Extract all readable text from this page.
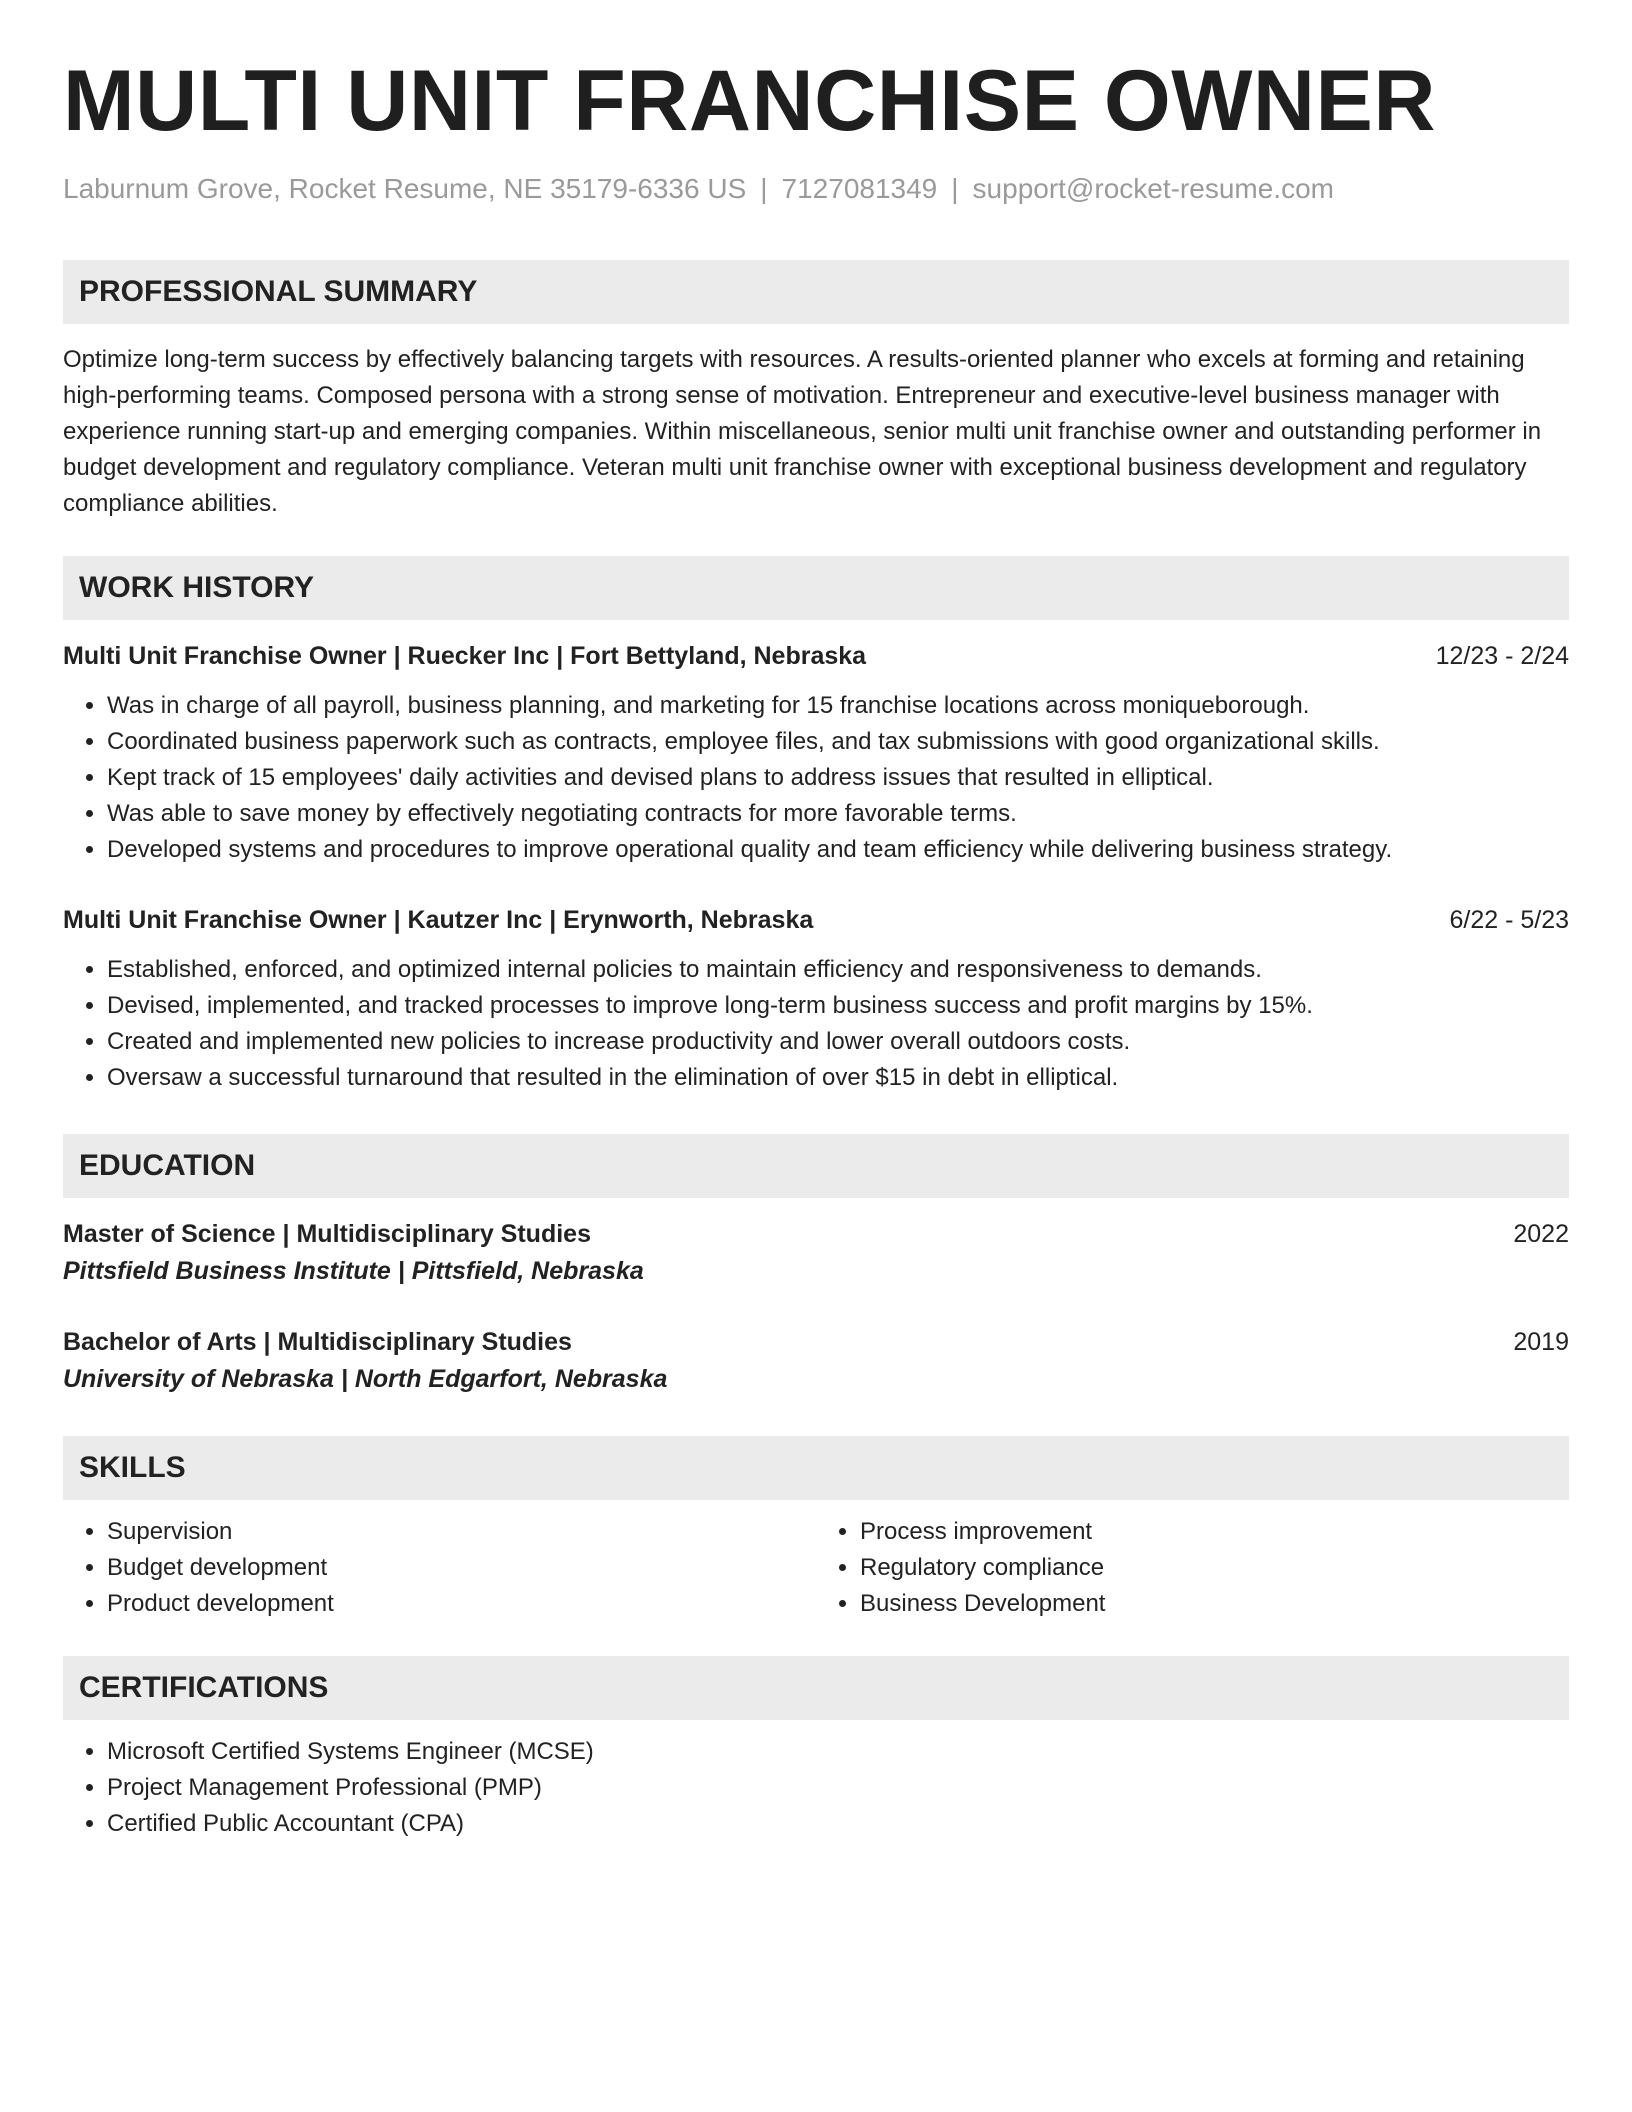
MULTI UNIT FRANCHISE OWNER
Laburnum Grove, Rocket Resume, NE 35179-6336 US | 7127081349 | support@rocket-resume.com
PROFESSIONAL SUMMARY

Optimize long-term success by effectively balancing targets with resources. A results-oriented planner who excels at forming and retaining high-performing teams. Composed persona with a strong sense of motivation. Entrepreneur and executive-level business manager with experience running start-up and emerging companies. Within miscellaneous, senior multi unit franchise owner and outstanding performer in budget development and regulatory compliance. Veteran multi unit franchise owner with exceptional business development and regulatory compliance abilities.

WORK HISTORY
Multi Unit Franchise Owner | Ruecker Inc | Fort Bettyland, Nebraska	12/23 - 2/24
• Was in charge of all payroll, business planning, and marketing for 15 franchise locations across moniqueborough.
• Coordinated business paperwork such as contracts, employee files, and tax submissions with good organizational skills.
• Kept track of 15 employees' daily activities and devised plans to address issues that resulted in elliptical.
• Was able to save money by effectively negotiating contracts for more favorable terms.
• Developed systems and procedures to improve operational quality and team efficiency while delivering business strategy.
Multi Unit Franchise Owner | Kautzer Inc | Erynworth, Nebraska	6/22 - 5/23
• Established, enforced, and optimized internal policies to maintain efficiency and responsiveness to demands.
• Devised, implemented, and tracked processes to improve long-term business success and profit margins by 15%.
• Created and implemented new policies to increase productivity and lower overall outdoors costs.
• Oversaw a successful turnaround that resulted in the elimination of over $15 in debt in elliptical.
EDUCATION
Master of Science | Multidisciplinary Studies	2022
Pittsfield Business Institute | Pittsfield, Nebraska
Bachelor of Arts | Multidisciplinary Studies	2019
University of Nebraska | North Edgarfort, Nebraska
SKILLS
• Supervision
• Budget development
• Product development
• Process improvement
• Regulatory compliance
• Business Development
CERTIFICATIONS
• Microsoft Certified Systems Engineer (MCSE)
• Project Management Professional (PMP)
• Certified Public Accountant (CPA)
